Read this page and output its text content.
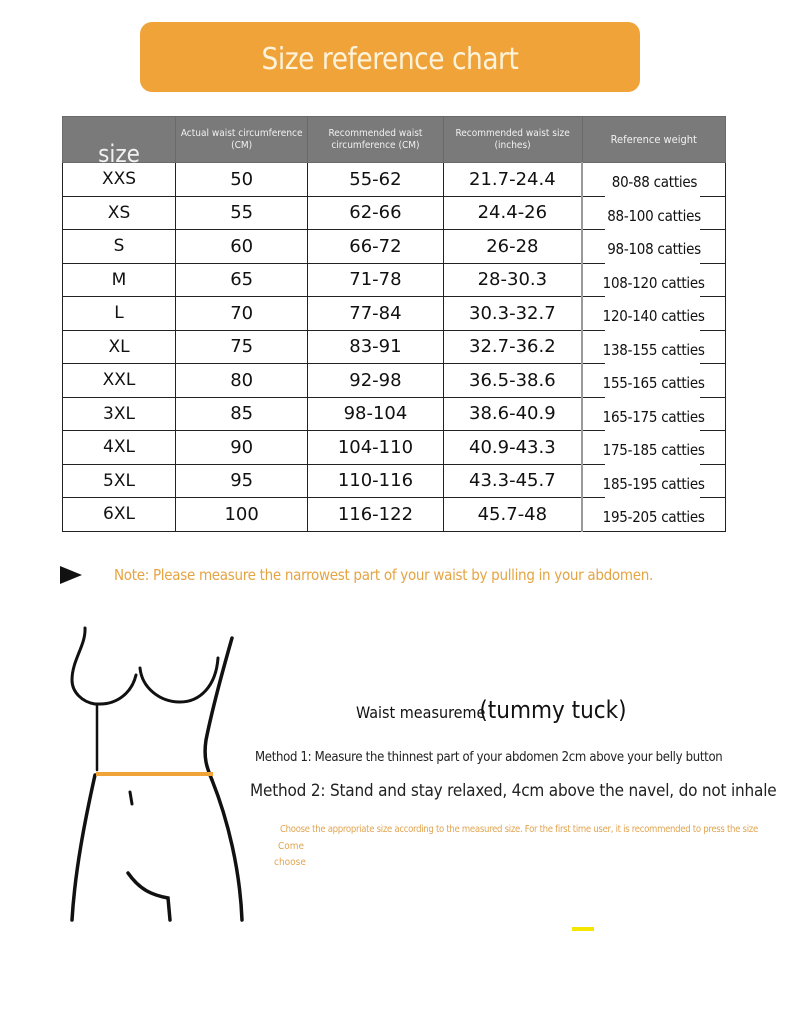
Size reference chart
size	Actual waist circumference (CM)	Recommended waist circumference (CM)	Recommended waist size (inches)	Reference weight
XXS	50	55-62	21.7-24.4	80-88 catties

XS	55	62-66	24.4-26	88-100 catties

S	60	66-72	26-28	98-108 catties

M	65	71-78	28-30.3	108-120 catties

L	70	77-84	30.3-32.7	120-140 catties

XL	75	83-91	32.7-36.2	138-155 catties

XXL	80	92-98	36.5-38.6	155-165 catties

3XL	85	98-104	38.6-40.9	165-175 catties

4XL	90	104-110	40.9-43.3	175-185 catties

5XL	95	110-116	43.3-45.7	185-195 catties

6XL	100	116-122	45.7-48	195-205 catties
Note: Please measure the narrowest part of your waist by pulling in your abdomen.
Waist measureme(tummy tuck)
Method 1: Measure the thinnest part of your abdomen 2cm above your belly button
Method 2: Stand and stay relaxed, 4cm above the navel, do not inhale
Choose the appropriate size according to the measured size. For the first time user, it is recommended to press the size
Come
choose
